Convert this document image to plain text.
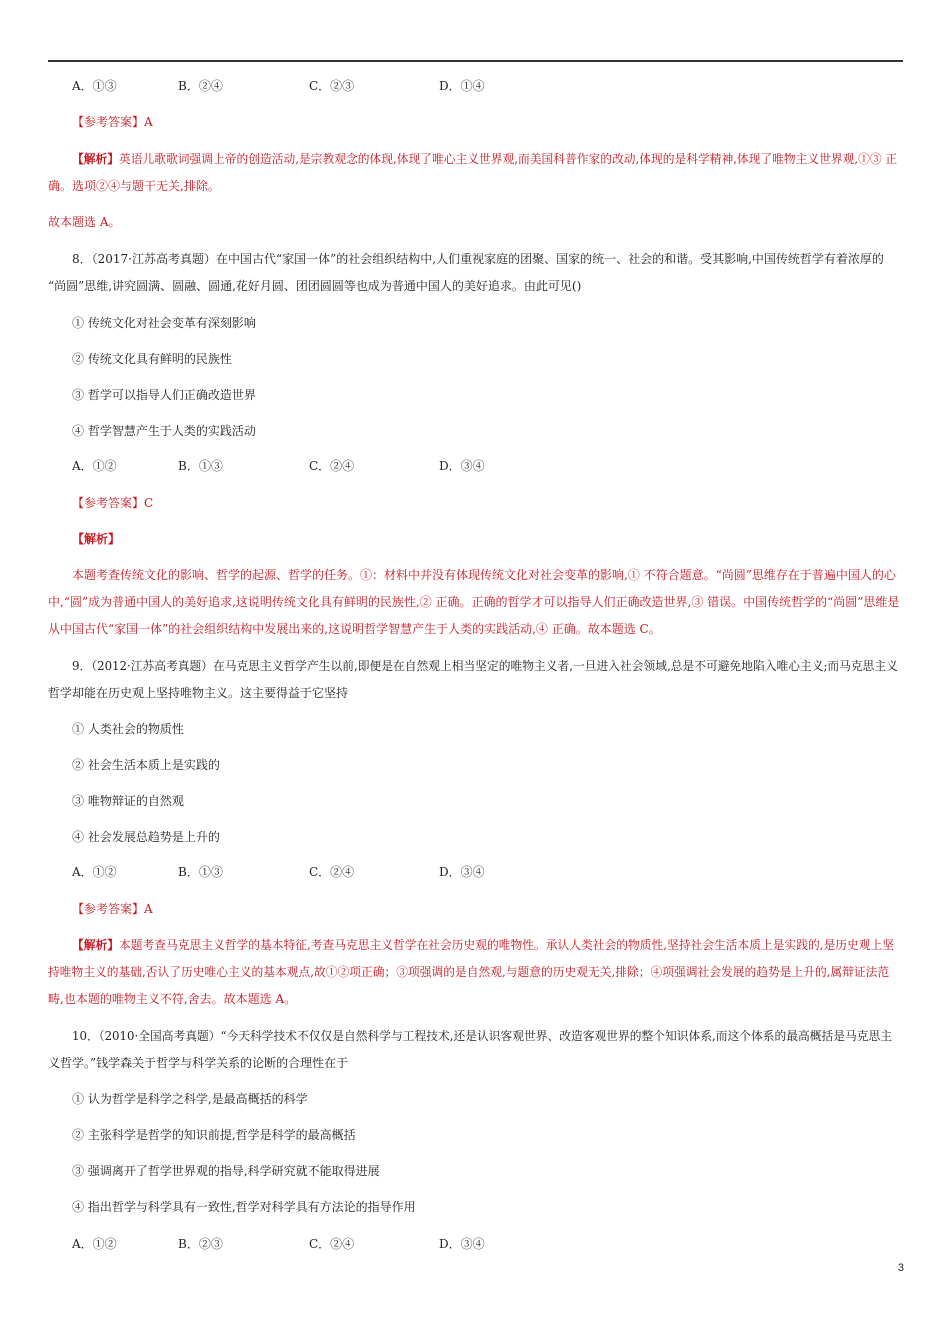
A．①③	B．②④	C．②③	D．①④
【参考答案】A
【解析】英语儿歌歌词强调上帝的创造活动,是宗教观念的体现,体现了唯心主义世界观,而美国科普作家的改动,体现的是科学精神,体现了唯物主义世界观,①③ 正
确。选项②④与题干无关,排除。
故本题选 A。
8．（2017·江苏高考真题）在中国古代“家国一体”的社会组织结构中,人们重视家庭的团聚、国家的统一、社会的和谐。受其影响,中国传统哲学有着浓厚的
“尚圆”思维,讲究圆满、圆融、圆通,花好月圆、团团圆圆等也成为普通中国人的美好追求。由此可见()
① 传统文化对社会变革有深刻影响
② 传统文化具有鲜明的民族性
③ 哲学可以指导人们正确改造世界
④ 哲学智慧产生于人类的实践活动
A．①②	B．①③	C．②④	D．③④
【参考答案】C
【解析】
本题考查传统文化的影响、哲学的起源、哲学的任务。①：材料中并没有体现传统文化对社会变革的影响,① 不符合题意。“尚圆”思维存在于普遍中国人的心
中,“圆”成为普通中国人的美好追求,这说明传统文化具有鲜明的民族性,② 正确。正确的哲学才可以指导人们正确改造世界,③ 错误。中国传统哲学的“尚圆”思维是
从中国古代“家国一体”的社会组织结构中发展出来的,这说明哲学智慧产生于人类的实践活动,④ 正确。故本题选 C。
9．（2012·江苏高考真题）在马克思主义哲学产生以前,即便是在自然观上相当坚定的唯物主义者,一旦进入社会领域,总是不可避免地陷入唯心主义;而马克思主义
哲学却能在历史观上坚持唯物主义。这主要得益于它坚持
① 人类社会的物质性
② 社会生活本质上是实践的
③ 唯物辩证的自然观
④ 社会发展总趋势是上升的
A．①②	B．①③	C．②④	D．③④
【参考答案】A
【解析】本题考查马克思主义哲学的基本特征,考查马克思主义哲学在社会历史观的唯物性。承认人类社会的物质性,坚持社会生活本质上是实践的,是历史观上坚
持唯物主义的基础,否认了历史唯心主义的基本观点,故①②项正确；③项强调的是自然观,与题意的历史观无关,排除；④项强调社会发展的趋势是上升的,属辩证法范
畴,也本题的唯物主义不符,舍去。故本题选 A。
10．（2010·全国高考真题）“今天科学技术不仅仅是自然科学与工程技术,还是认识客观世界、改造客观世界的整个知识体系,而这个体系的最高概括是马克思主
义哲学。”钱学森关于哲学与科学关系的论断的合理性在于
① 认为哲学是科学之科学,是最高概括的科学
② 主张科学是哲学的知识前提,哲学是科学的最高概括
③ 强调离开了哲学世界观的指导,科学研究就不能取得进展
④ 指出哲学与科学具有一致性,哲学对科学具有方法论的指导作用
A．①②	B．②③	C．②④	D．③④
3
